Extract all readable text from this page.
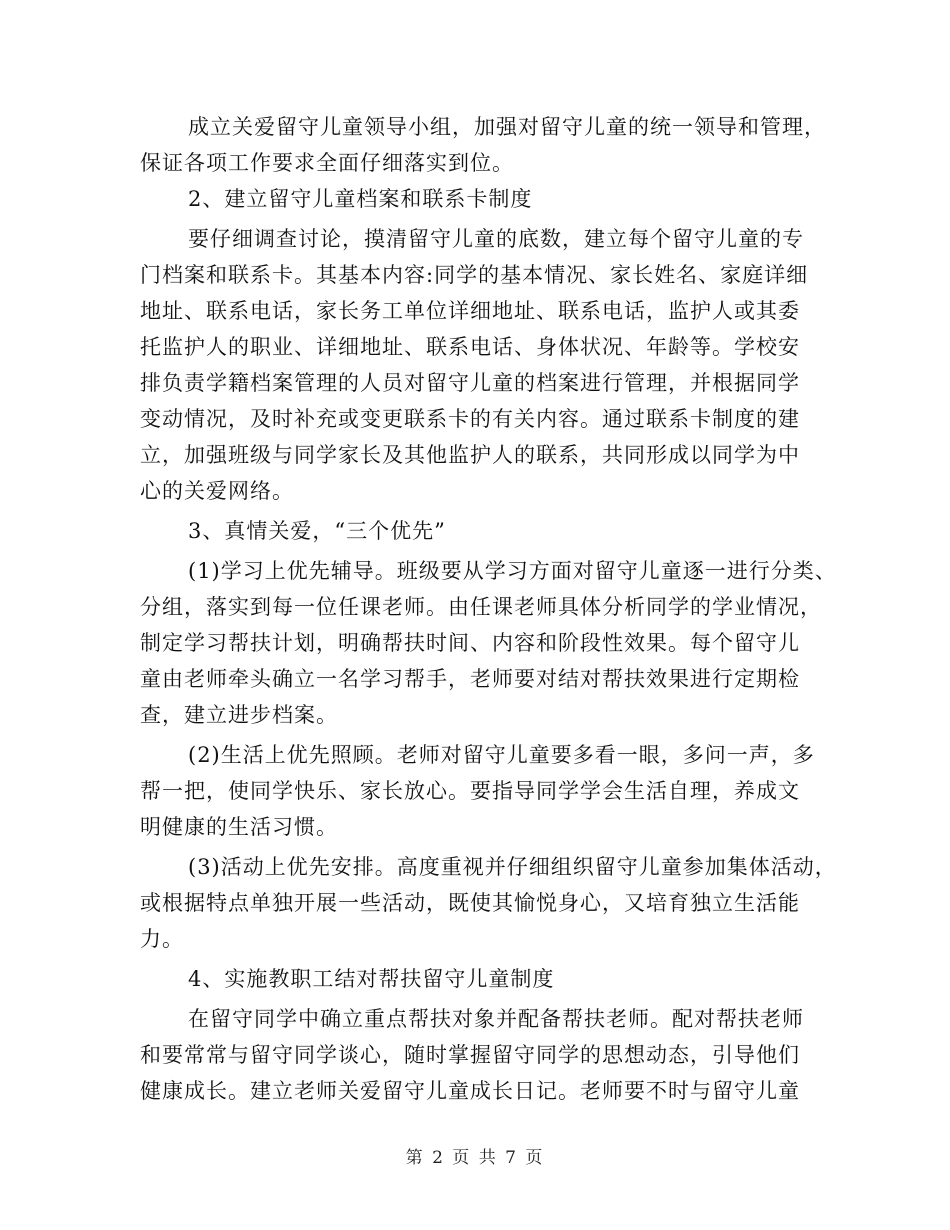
成立关爱留守儿童领导小组，加强对留守儿童的统一领导和管理，
保证各项工作要求全面仔细落实到位。
2、建立留守儿童档案和联系卡制度
要仔细调查讨论，摸清留守儿童的底数，建立每个留守儿童的专
门档案和联系卡。其基本内容:同学的基本情况、家长姓名、家庭详细
地址、联系电话，家长务工单位详细地址、联系电话，监护人或其委
托监护人的职业、详细地址、联系电话、身体状况、年龄等。学校安
排负责学籍档案管理的人员对留守儿童的档案进行管理，并根据同学
变动情况，及时补充或变更联系卡的有关内容。通过联系卡制度的建
立，加强班级与同学家长及其他监护人的联系，共同形成以同学为中
心的关爱网络。
3、真情关爱，“三个优先”
(1)学习上优先辅导。班级要从学习方面对留守儿童逐一进行分类、
分组，落实到每一位任课老师。由任课老师具体分析同学的学业情况，
制定学习帮扶计划，明确帮扶时间、内容和阶段性效果。每个留守儿
童由老师牵头确立一名学习帮手，老师要对结对帮扶效果进行定期检
查，建立进步档案。
(2)生活上优先照顾。老师对留守儿童要多看一眼，多问一声，多
帮一把，使同学快乐、家长放心。要指导同学学会生活自理，养成文
明健康的生活习惯。
(3)活动上优先安排。高度重视并仔细组织留守儿童参加集体活动，
或根据特点单独开展一些活动，既使其愉悦身心，又培育独立生活能
力。
4、实施教职工结对帮扶留守儿童制度
在留守同学中确立重点帮扶对象并配备帮扶老师。配对帮扶老师
和要常常与留守同学谈心，随时掌握留守同学的思想动态，引导他们
健康成长。建立老师关爱留守儿童成长日记。老师要不时与留守儿童
第 2 页 共 7 页
